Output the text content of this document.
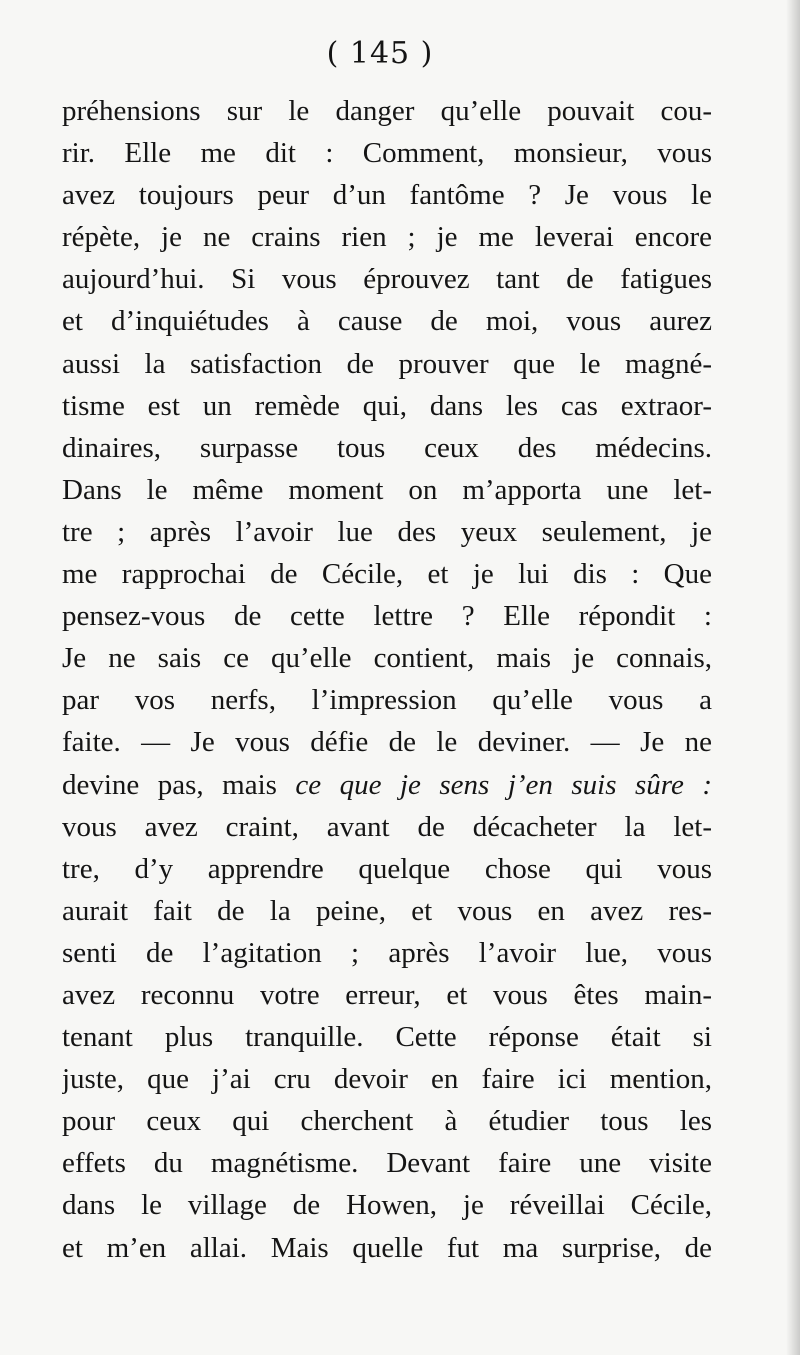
( 145 )
préhensions sur le danger qu’elle pouvait cou-
rir. Elle me dit : Comment, monsieur, vous
avez toujours peur d’un fantôme ? Je vous le
répète, je ne crains rien ; je me leverai encore
aujourd’hui. Si vous éprouvez tant de fatigues
et d’inquiétudes à cause de moi, vous aurez
aussi la satisfaction de prouver que le magné-
tisme est un remède qui, dans les cas extraor-
dinaires, surpasse tous ceux des médecins.
Dans le même moment on m’apporta une let-
tre ; après l’avoir lue des yeux seulement, je
me rapprochai de Cécile, et je lui dis : Que
pensez-vous de cette lettre ? Elle répondit :
Je ne sais ce qu’elle contient, mais je connais,
par vos nerfs, l’impression qu’elle vous a
faite. — Je vous défie de le deviner. — Je ne
devine pas, mais ce que je sens j’en suis sûre :
vous avez craint, avant de décacheter la let-
tre, d’y apprendre quelque chose qui vous
aurait fait de la peine, et vous en avez res-
senti de l’agitation ; après l’avoir lue, vous
avez reconnu votre erreur, et vous êtes main-
tenant plus tranquille. Cette réponse était si
juste, que j’ai cru devoir en faire ici mention,
pour ceux qui cherchent à étudier tous les
effets du magnétisme. Devant faire une visite
dans le village de Howen, je réveillai Cécile,
et m’en allai. Mais quelle fut ma surprise, de
